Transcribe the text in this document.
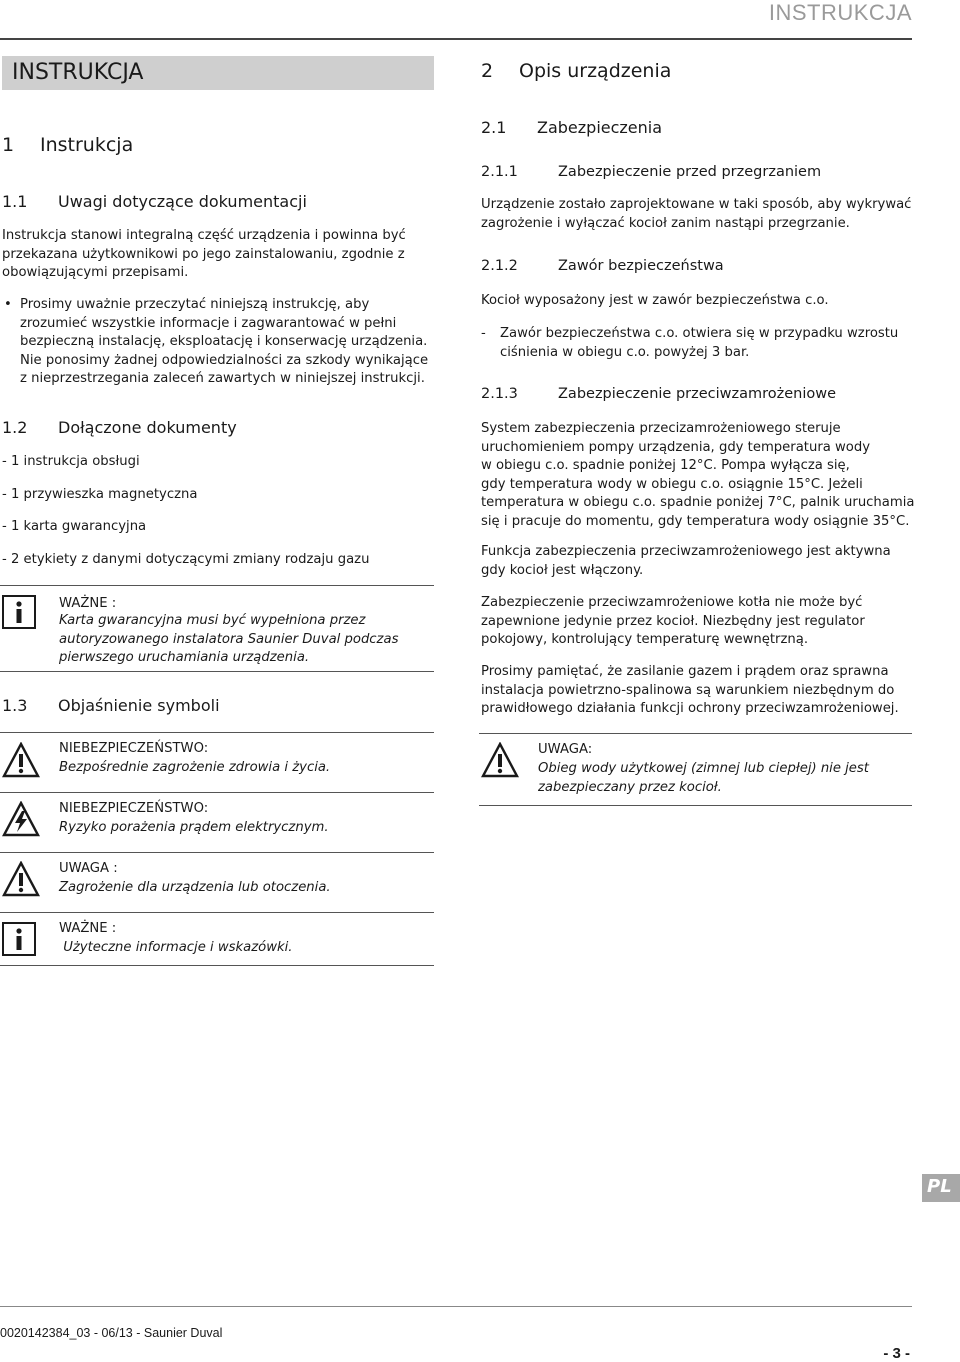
INSTRUKCJA
INSTRUKCJA
1 Instrukcja
1.1 Uwagi dotyczące dokumentacji
Instrukcja stanowi integralną część urządzenia i powinna być
przekazana użytkownikowi po jego zainstalowaniu, zgodnie z
obowiązującymi przepisami.
• Prosimy uważnie przeczytać niniejszą instrukcję, aby
zrozumieć wszystkie informacje i zagwarantować w pełni
bezpieczną instalację, eksploatację i konserwację urządzenia.
Nie ponosimy żadnej odpowiedzialności za szkody wynikające
z nieprzestrzegania zaleceń zawartych w niniejszej instrukcji.
1.2 Dołączone dokumenty
- 1 instrukcja obsługi
- 1 przywieszka magnetyczna
- 1 karta gwarancyjna
- 2 etykiety z danymi dotyczącymi zmiany rodzaju gazu
WAŻNE :
Karta gwarancyjna musi być wypełniona przez
autoryzowanego instalatora Saunier Duval podczas
pierwszego uruchamiania urządzenia.
1.3 Objaśnienie symboli
NIEBEZPIECZEŃSTWO:
Bezpośrednie zagrożenie zdrowia i życia.
NIEBEZPIECZEŃSTWO:
Ryzyko porażenia prądem elektrycznym.
UWAGA :
Zagrożenie dla urządzenia lub otoczenia.
WAŻNE :
Użyteczne informacje i wskazówki.
2 Opis urządzenia
2.1 Zabezpieczenia
2.1.1	Zabezpieczenie przed przegrzaniem
Urządzenie zostało zaprojektowane w taki sposób, aby wykrywać
zagrożenie i wyłączać kocioł zanim nastąpi przegrzanie.
2.1.2	Zawór bezpieczeństwa
Kocioł wyposażony jest w zawór bezpieczeństwa c.o.
- Zawór bezpieczeństwa c.o. otwiera się w przypadku wzrostu
ciśnienia w obiegu c.o. powyżej 3 bar.
2.1.3	Zabezpieczenie przeciwzamrożeniowe
System zabezpieczenia przecizamrożeniowego steruje
uruchomieniem pompy urządzenia, gdy temperatura wody
w obiegu c.o. spadnie poniżej 12°C. Pompa wyłącza się,
gdy temperatura wody w obiegu c.o. osiągnie 15°C. Jeżeli
temperatura w obiegu c.o. spadnie poniżej 7°C, palnik uruchamia
się i pracuje do momentu, gdy temperatura wody osiągnie 35°C.
Funkcja zabezpieczenia przeciwzamrożeniowego jest aktywna
gdy kocioł jest włączony.
Zabezpieczenie przeciwzamrożeniowe kotła nie może być
zapewnione jedynie przez kocioł. Niezbędny jest regulator
pokojowy, kontrolujący temperaturę wewnętrzną.
Prosimy pamiętać, że zasilanie gazem i prądem oraz sprawna
instalacja powietrzno-spalinowa są warunkiem niezbędnym do
prawidłowego działania funkcji ochrony przeciwzamrożeniowej.
UWAGA:
Obieg wody użytkowej (zimnej lub ciepłej) nie jest
zabezpieczany przez kocioł.
PL
0020142384_03 - 06/13 - Saunier Duval
- 3 -
